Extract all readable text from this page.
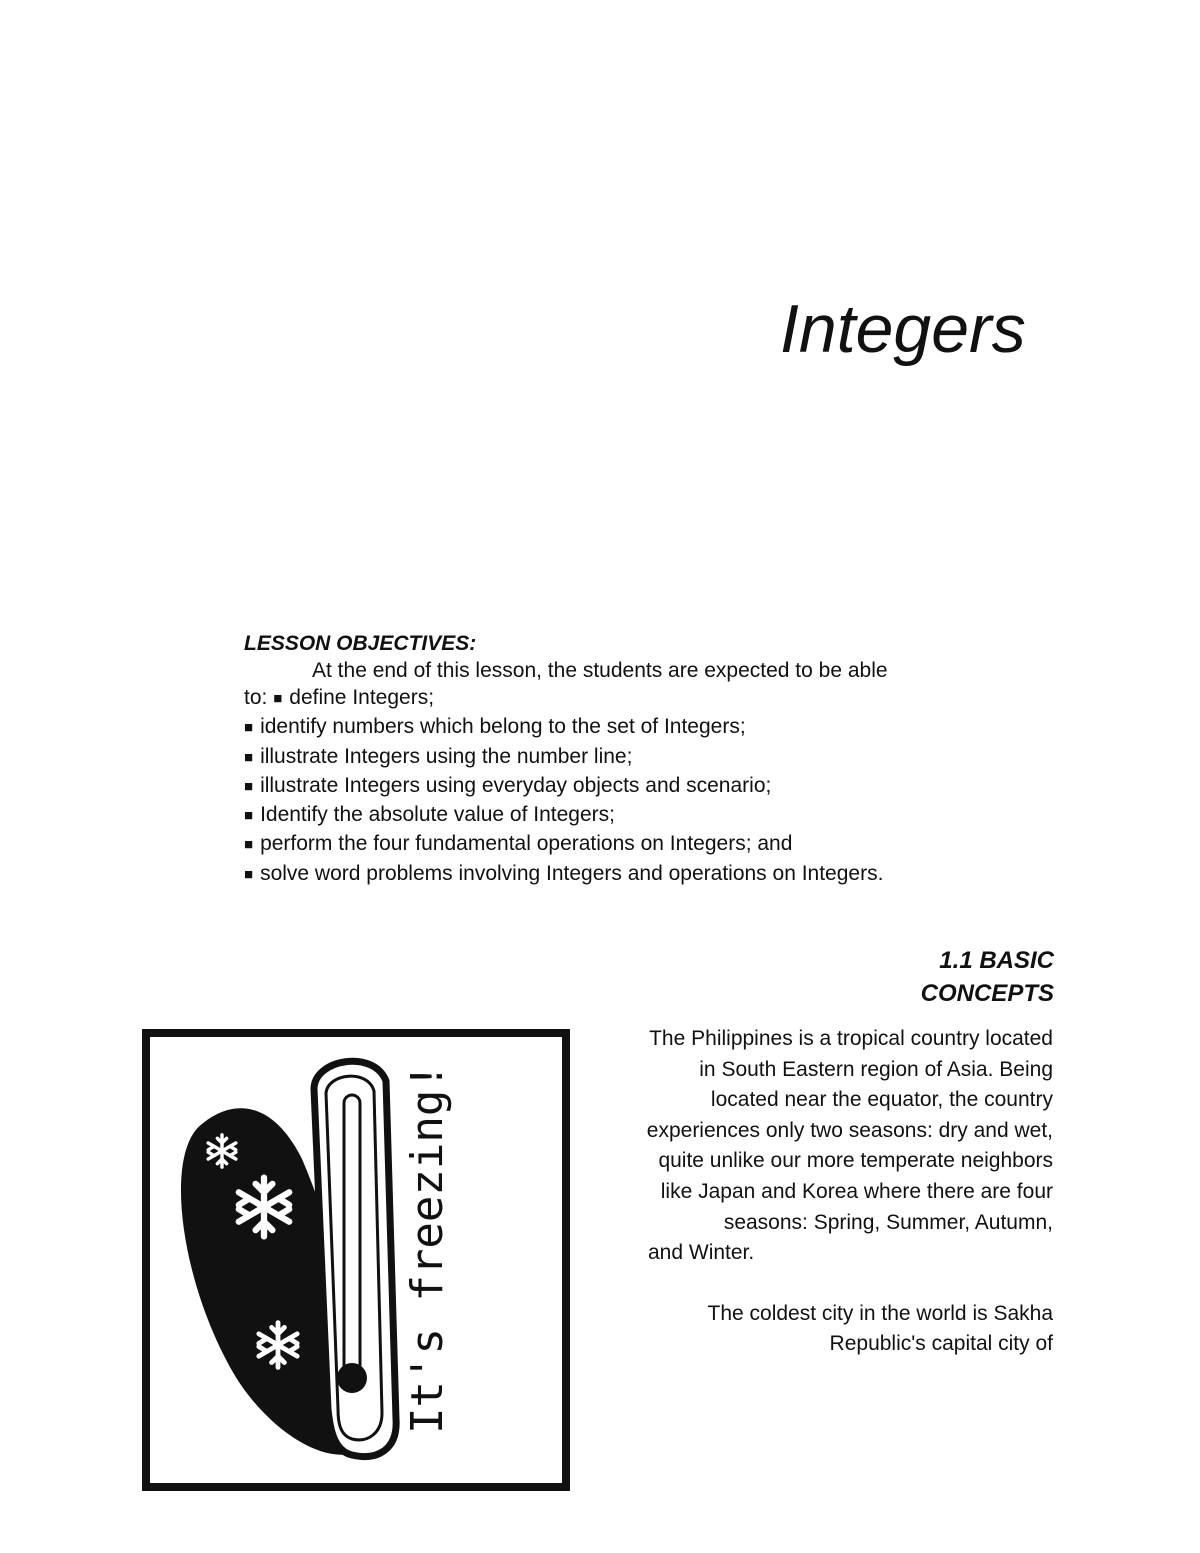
Integers
LESSON OBJECTIVES:
At the end of this lesson, the students are expected to be able
to: ■ define Integers;
■ identify numbers which belong to the set of Integers;
■ illustrate Integers using the number line;
■ illustrate Integers using everyday objects and scenario;
■ Identify the absolute value of Integers;
■ perform the four fundamental operations on Integers; and
■ solve word problems involving Integers and operations on Integers.
1.1 BASIC
CONCEPTS

The Philippines is a tropical country located in South Eastern region of Asia. Being located near the equator, the country experiences only two seasons: dry and wet, quite unlike our more temperate neighbors like Japan and Korea where there are four seasons: Spring, Summer, Autumn,
and Winter.

The coldest city in the world is Sakha Republic's capital city of

It's freezing!
